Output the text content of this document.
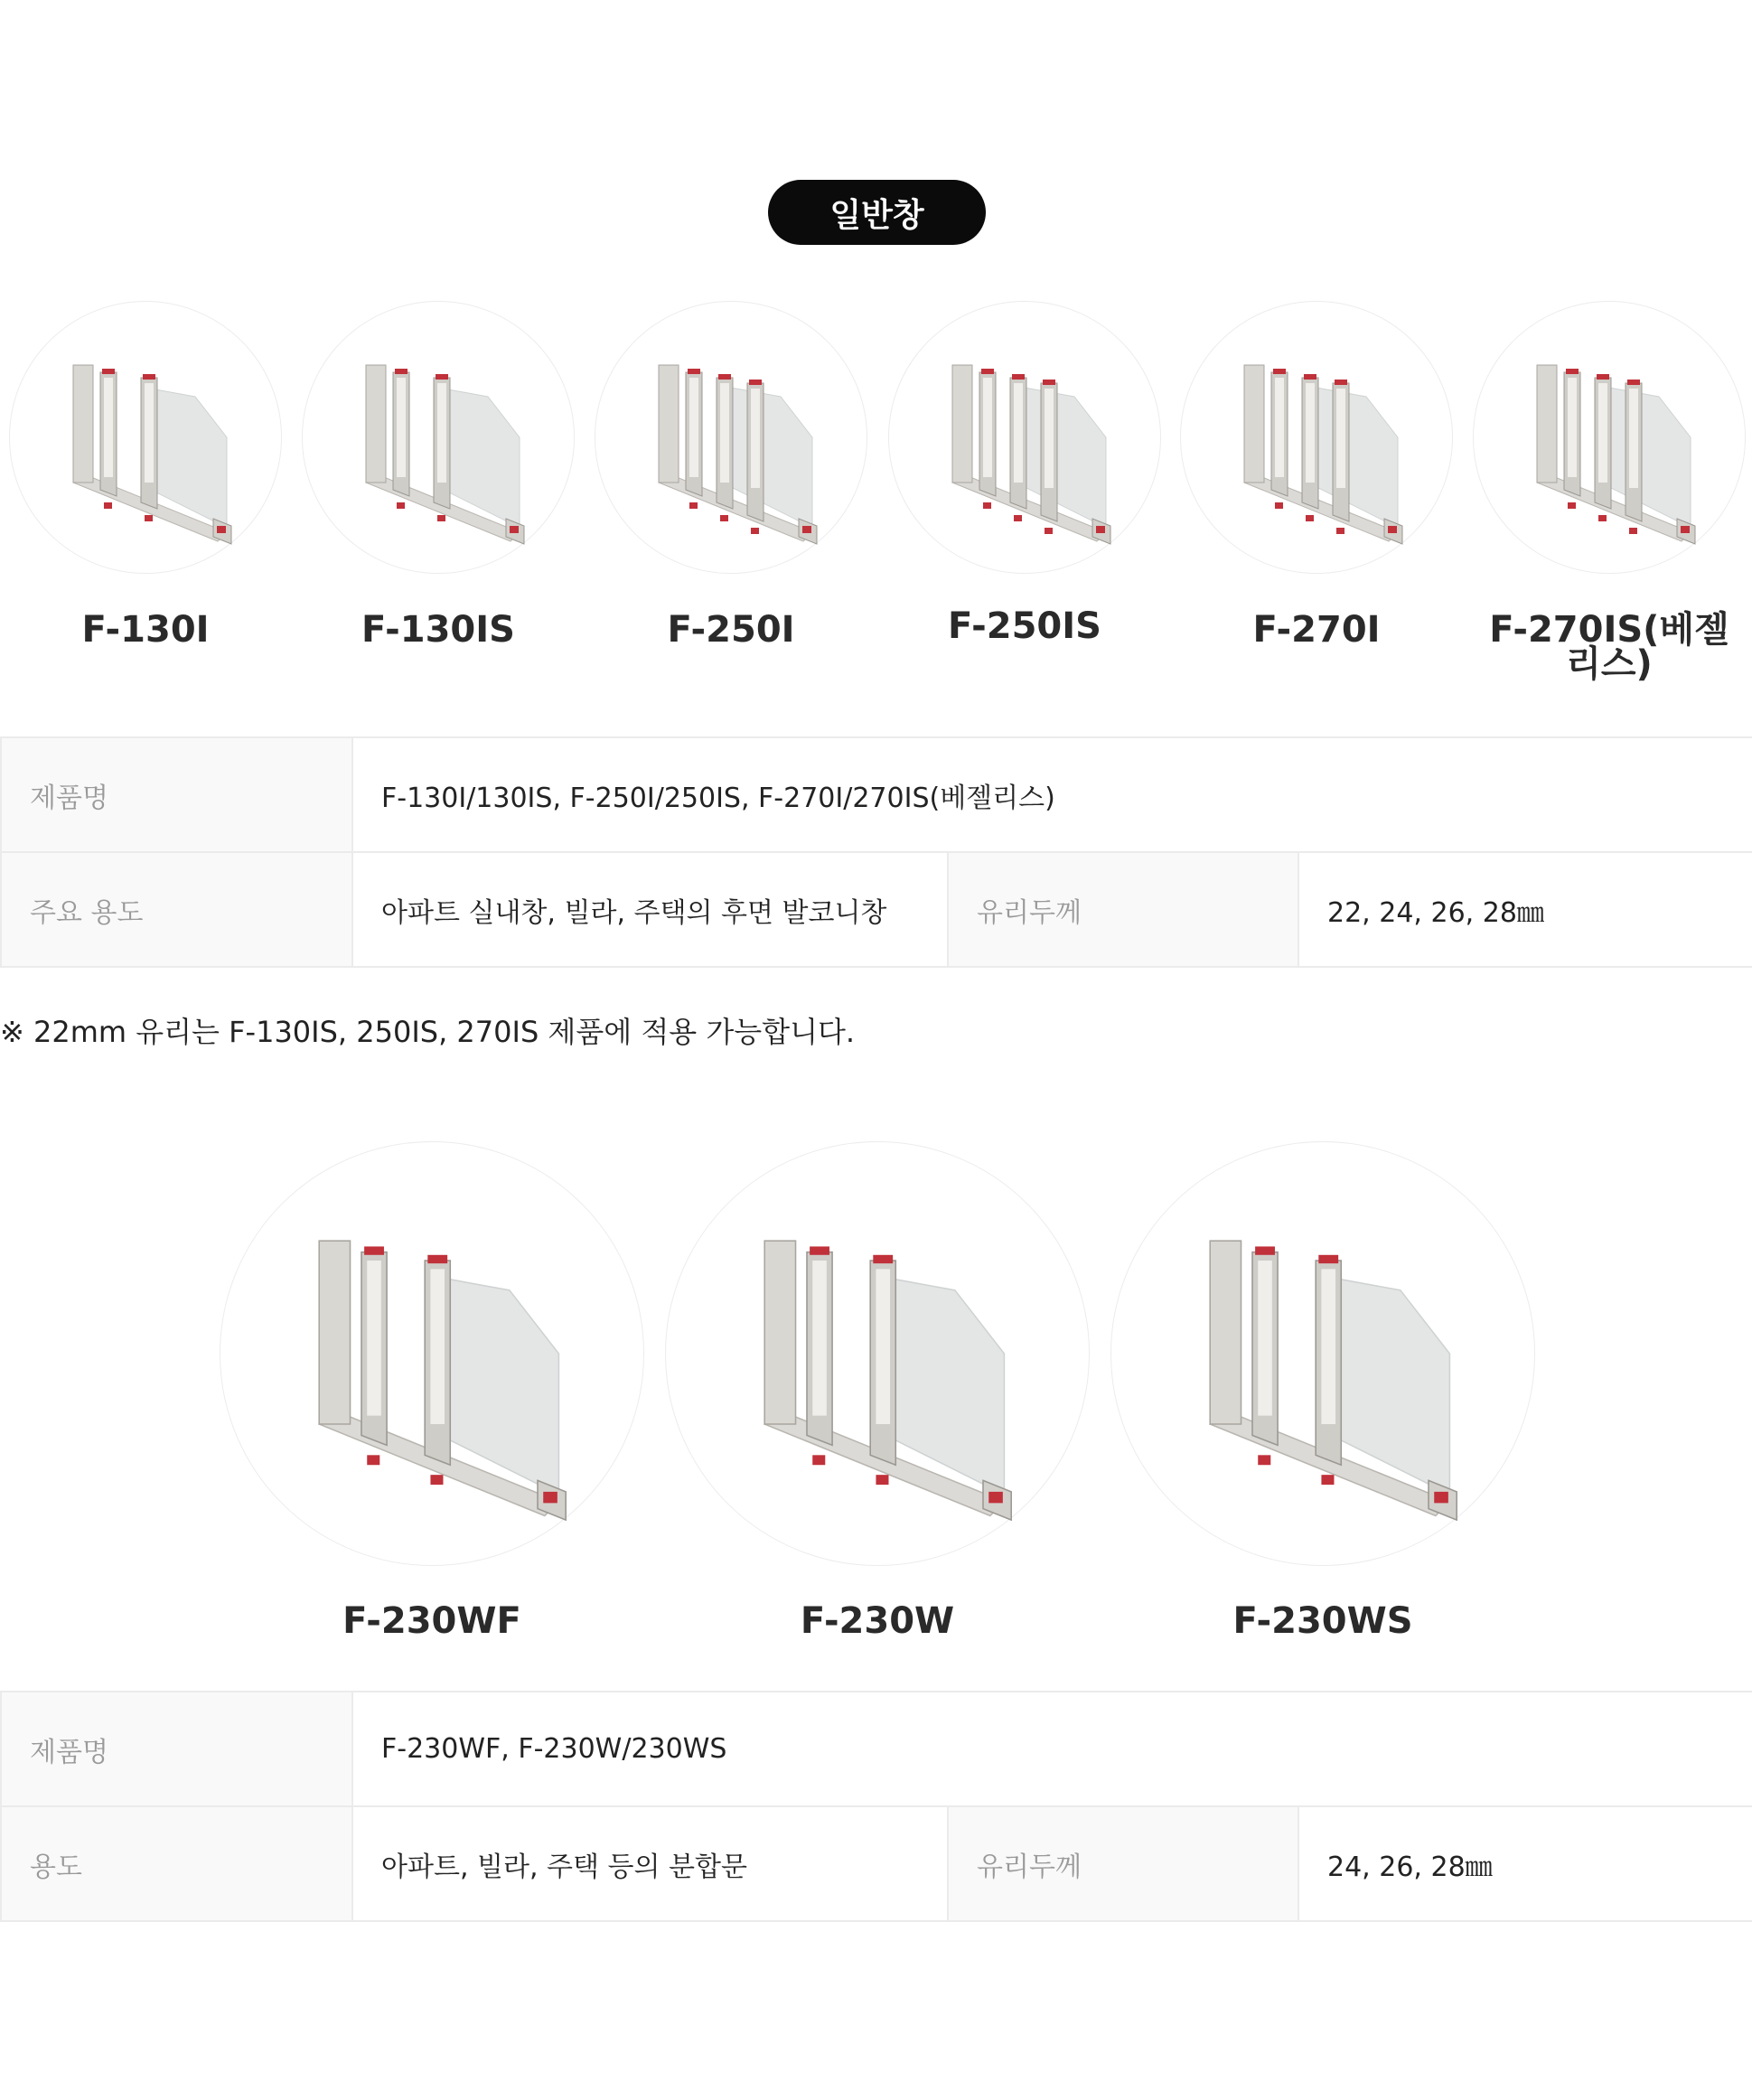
일반창
F-130I	F-130IS	F-250I	F-250IS	F-270I	F-270IS(베젤리스)
제품명	F-130I/130IS, F-250I/250IS, F-270I/270IS(베젤리스)		
주요 용도	아파트 실내창, 빌라, 주택의 후면 발코니창	유리두께	22, 24, 26, 28㎜
※ 22mm 유리는 F-130IS, 250IS, 270IS 제품에 적용 가능합니다.
F-230WF	F-230W	F-230WS
제품명	F-230WF, F-230W/230WS		
용도	아파트, 빌라, 주택 등의 분합문	유리두께	24, 26, 28㎜
